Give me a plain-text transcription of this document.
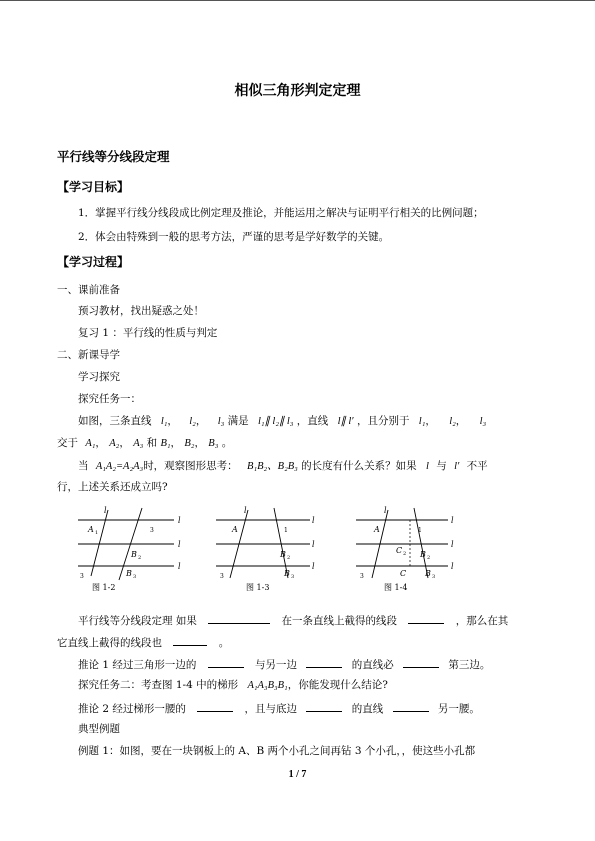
相似三角形判定定理
平行线等分线段定理
【学习目标】
1．掌握平行线分线段成比例定理及推论，并能运用之解决与证明平行相关的比例问题；
2．体会由特殊到一般的思考方法，严谨的思考是学好数学的关键。
【学习过程】
一、课前准备
预习教材，找出疑惑之处！
复习 1 ：平行线的性质与判定
二、新课导学
学习探究
探究任务一：
如图，三条直线 l₁， l₂， l₃ 满是 l₁∥ l₂∥ l₃ ，直线 l∥ l′ ，且分别于 l₁， l₂， l₃
交于 A₁， A₂， A₃ 和 B₁， B₂， B₃ 。
当 A₁A₂=A₂A₃时，观察图形思考： B₁B₂、B₂B₃ 的长度有什么关系？如果 l 与 l′ 不平
行，上述关系还成立吗?
l
A 1	3
B 2
B 3
3
l
l
l
图 1-2
l
A	1
B 2
B 3
3
l
l
l
图 1-3
l
A	1
C 2 B 2
C B 3
3
l
l
l
图 1-4
平行线等分线段定理 如果	在一条直线上截得的线段	，那么在其
它直线上截得的线段也	。
推论 1 经过三角形一边的	与另一边	的直线必	第三边。
探究任务二：考查图 1-4 中的梯形 A₁A₃B₃B₁，你能发现什么结论?
推论 2 经过梯形一腰的	，且与底边	的直线	另一腰。
典型例题
例题 1：如图，要在一块钢板上的 A、B 两个小孔之间再钻 3 个小孔，，使这些小孔都
1 / 7
